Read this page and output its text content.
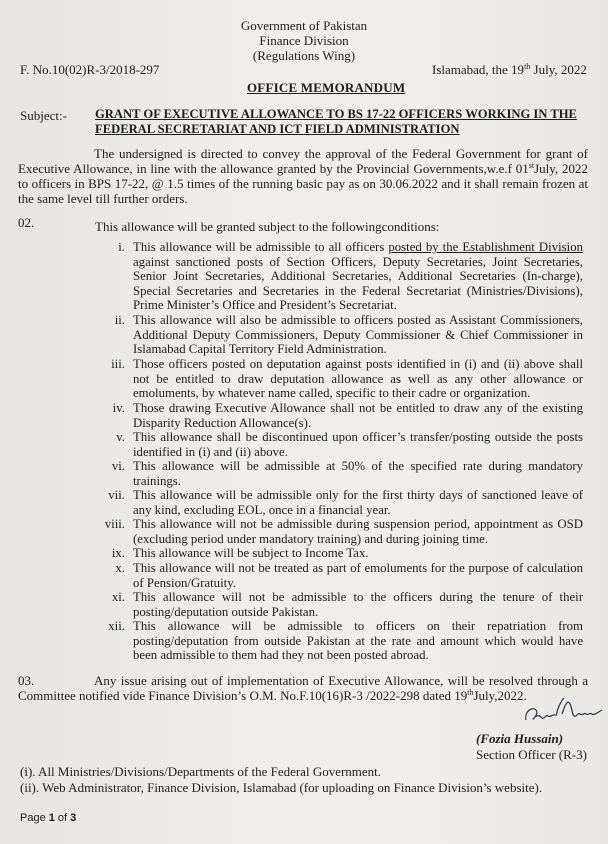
Government of Pakistan
Finance Division
(Regulations Wing)
F. No.10(02)R-3/2018-297	Islamabad, the 19th July, 2022
OFFICE MEMORANDUM
Subject:- GRANT OF EXECUTIVE ALLOWANCE TO BS 17-22 OFFICERS WORKING IN THE FEDERAL SECRETARIAT AND ICT FIELD ADMINISTRATION
The undersigned is directed to convey the approval of the Federal Government for grant of Executive Allowance, in line with the allowance granted by the Provincial Governments,w.e.f 01stJuly, 2022 to officers in BPS 17-22, @ 1.5 times of the running basic pay as on 30.06.2022 and it shall remain frozen at the same level till further orders.
02.	This allowance will be granted subject to the followingconditions:
i. This allowance will be admissible to all officers posted by the Establishment Division against sanctioned posts of Section Officers, Deputy Secretaries, Joint Secretaries, Senior Joint Secretaries, Additional Secretaries, Additional Secretaries (In-charge), Special Secretaries and Secretaries in the Federal Secretariat (Ministries/Divisions), Prime Minister’s Office and President’s Secretariat.
ii. This allowance will also be admissible to officers posted as Assistant Commissioners, Additional Deputy Commissioners, Deputy Commissioner & Chief Commissioner in Islamabad Capital Territory Field Administration.
iii. Those officers posted on deputation against posts identified in (i) and (ii) above shall not be entitled to draw deputation allowance as well as any other allowance or emoluments, by whatever name called, specific to their cadre or organization.
iv. Those drawing Executive Allowance shall not be entitled to draw any of the existing Disparity Reduction Allowance(s).
v. This allowance shall be discontinued upon officer’s transfer/posting outside the posts identified in (i) and (ii) above.
vi. This allowance will be admissible at 50% of the specified rate during mandatory trainings.
vii. This allowance will be admissible only for the first thirty days of sanctioned leave of any kind, excluding EOL, once in a financial year.
viii. This allowance will not be admissible during suspension period, appointment as OSD (excluding period under mandatory training) and during joining time.
ix. This allowance will be subject to Income Tax.
x. This allowance will not be treated as part of emoluments for the purpose of calculation of Pension/Gratuity.
xi. This allowance will not be admissible to the officers during the tenure of their posting/deputation outside Pakistan.
xii. This allowance will be admissible to officers on their repatriation from posting/deputation from outside Pakistan at the rate and amount which would have been admissible to them had they not been posted abroad.
03.	Any issue arising out of implementation of Executive Allowance, will be resolved through a Committee notified vide Finance Division’s O.M. No.F.10(16)R-3 /2022-298 dated 19thJuly,2022.
(Fozia Hussain)
Section Officer (R-3)
(i). All Ministries/Divisions/Departments of the Federal Government.
(ii). Web Administrator, Finance Division, Islamabad (for uploading on Finance Division’s website).
Page 1 of 3
